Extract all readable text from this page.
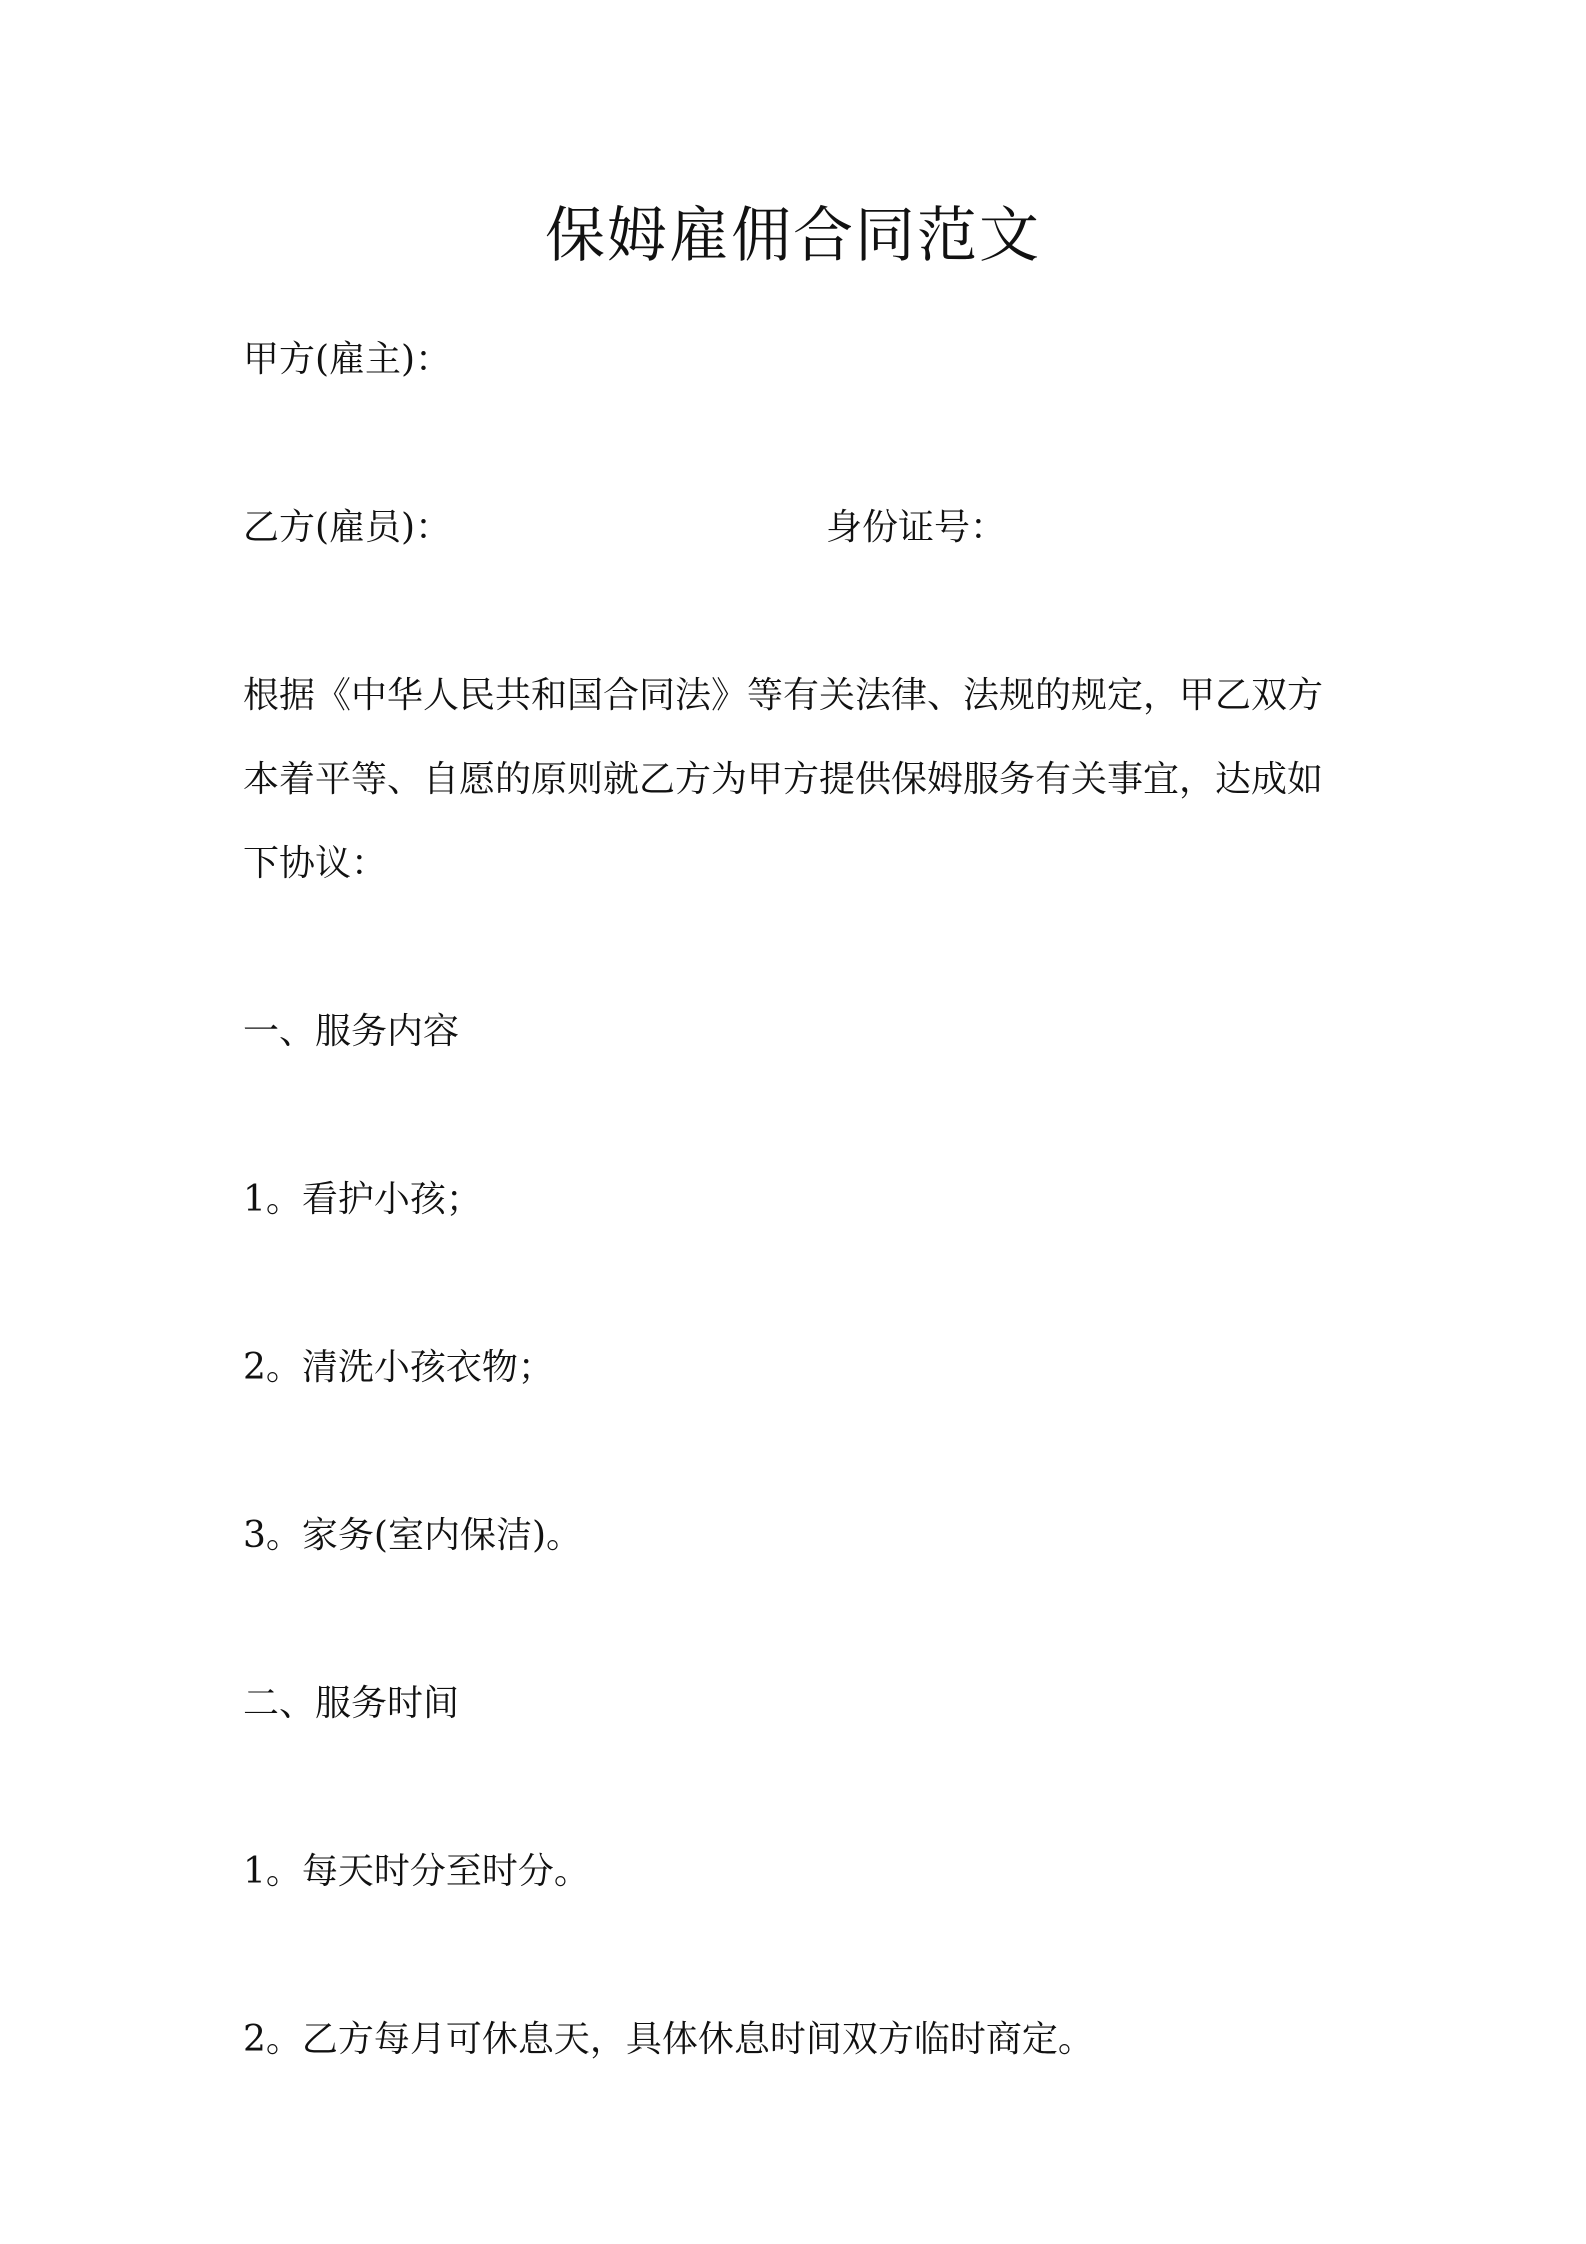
保姆雇佣合同范文
甲方(雇主)：
乙方(雇员)：	身份证号：
根据《中华人民共和国合同法》等有关法律、法规的规定，甲乙双方
本着平等、自愿的原则就乙方为甲方提供保姆服务有关事宜，达成如
下协议：
一、服务内容
1。看护小孩；
2。清洗小孩衣物；
3。家务(室内保洁)。
二、服务时间
1。每天时分至时分。
2。乙方每月可休息天，具体休息时间双方临时商定。
